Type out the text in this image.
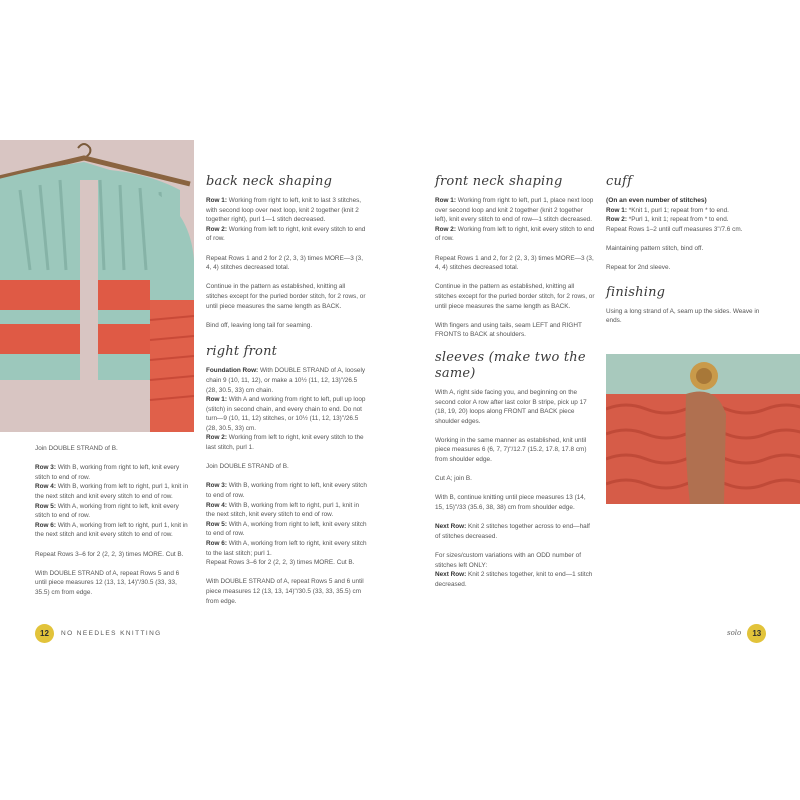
Join DOUBLE STRAND of B.

Row 3: With B, working from right to left, knit every stitch to end of row.
Row 4: With B, working from left to right, purl 1, knit in the next stitch and knit every stitch to end of row.
Row 5: With A, working from right to left, knit every stitch to end of row.
Row 6: With A, working from left to right, purl 1, knit in the next stitch and knit every stitch to end of row.

Repeat Rows 3–6 for 2 (2, 2, 3) times MORE. Cut B.

With DOUBLE STRAND of A, repeat Rows 5 and 6 until piece measures 12 (13, 13, 14)"/30.5 (33, 33, 35.5) cm from edge.

back neck shaping
Row 1: Working from right to left, knit to last 3 stitches, with second loop over next loop, knit 2 together (knit 2 together right), purl 1—1 stitch decreased.
Row 2: Working from left to right, knit every stitch to end of row.

Repeat Rows 1 and 2 for 2 (2, 3, 3) times MORE—3 (3, 4, 4) stitches decreased total.

Continue in the pattern as established, knitting all stitches except for the purled border stitch, for 2 rows, or until piece measures the same length as BACK.

Bind off, leaving long tail for seaming.

right front
Foundation Row: With DOUBLE STRAND of A, loosely chain 9 (10, 11, 12), or make a 10½ (11, 12, 13)"/26.5 (28, 30.5, 33) cm chain.
Row 1: With A and working from right to left, pull up loop (stitch) in second chain, and every chain to end. Do not turn—9 (10, 11, 12) stitches, or 10½ (11, 12, 13)"/26.5 (28, 30.5, 33) cm.
Row 2: Working from left to right, knit every stitch to the last stitch, purl 1.

Join DOUBLE STRAND of B.

Row 3: With B, working from right to left, knit every stitch to end of row.
Row 4: With B, working from left to right, purl 1, knit in the next stitch, knit every stitch to end of row.
Row 5: With A, working from right to left, knit every stitch to end of row.
Row 6: With A, working from left to right, knit every stitch to the last stitch; purl 1.

Repeat Rows 3–6 for 2 (2, 2, 3) times MORE. Cut B.

With DOUBLE STRAND of A, repeat Rows 5 and 6 until piece measures 12 (13, 13, 14)"/30.5 (33, 33, 35.5) cm from edge.

12	NO NEEDLES KNITTING
front neck shaping
Row 1: Working from right to left, purl 1, place next loop over second loop and knit 2 together (knit 2 together left), knit every stitch to end of row—1 stitch decreased.
Row 2: Working from left to right, knit every stitch to end of row.

Repeat Rows 1 and 2, for 2 (2, 3, 3) times MORE—3 (3, 4, 4) stitches decreased total.

Continue in the pattern as established, knitting all stitches except for the purled border stitch, for 2 rows, or until piece measures the same length as BACK.

With fingers and using tails, seam LEFT and RIGHT FRONTS to BACK at shoulders.

sleeves (make two the same)

With A, right side facing you, and beginning on the second color A row after last color B stripe, pick up 17 (18, 19, 20) loops along FRONT and BACK piece shoulder edges.

Working in the same manner as established, knit until piece measures 6 (6, 7, 7)"/12.7 (15.2, 17.8, 17.8 cm) from shoulder edge.

Cut A; join B.

With B, continue knitting until piece measures 13 (14, 15, 15)"/33 (35.6, 38, 38) cm from shoulder edge.

Next Row: Knit 2 stitches together across to end—half of stitches decreased.

For sizes/custom variations with an ODD number of stitches left ONLY:

Next Row: Knit 2 stitches together, knit to end—1 stitch decreased.

cuff
(On an even number of stitches)
Row 1: *Knit 1, purl 1; repeat from * to end.
Row 2: *Purl 1, knit 1; repeat from * to end.

Repeat Rows 1–2 until cuff measures 3"/7.6 cm.

Maintaining pattern stitch, bind off.

Repeat for 2nd sleeve.

finishing

Using a long strand of A, seam up the sides. Weave in ends.

solo	13
